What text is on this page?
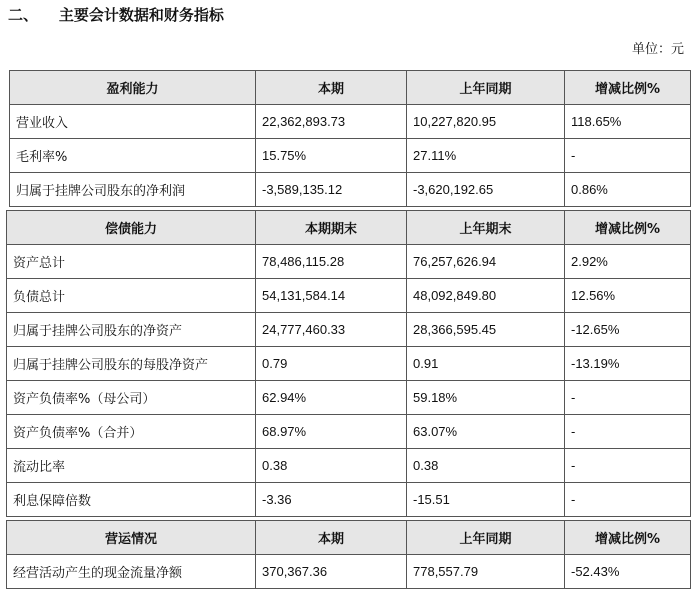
二、    主要会计数据和财务指标
单位：元
盈利能力	本期	上年同期	增减比例%
营业收入	22,362,893.73	10,227,820.95	118.65%
毛利率%	15.75%	27.11%	-
归属于挂牌公司股东的净利润	-3,589,135.12	-3,620,192.65	0.86%
偿债能力	本期期末	上年期末	增减比例%
资产总计	78,486,115.28	76,257,626.94	2.92%
负债总计	54,131,584.14	48,092,849.80	12.56%
归属于挂牌公司股东的净资产	24,777,460.33	28,366,595.45	-12.65%
归属于挂牌公司股东的每股净资产	0.79	0.91	-13.19%
资产负债率%（母公司）	62.94%	59.18%	-
资产负债率%（合并）	68.97%	63.07%	-
流动比率	0.38	0.38	-
利息保障倍数	-3.36	-15.51	-
营运情况	本期	上年同期	增减比例%
经营活动产生的现金流量净额	370,367.36	778,557.79	-52.43%
